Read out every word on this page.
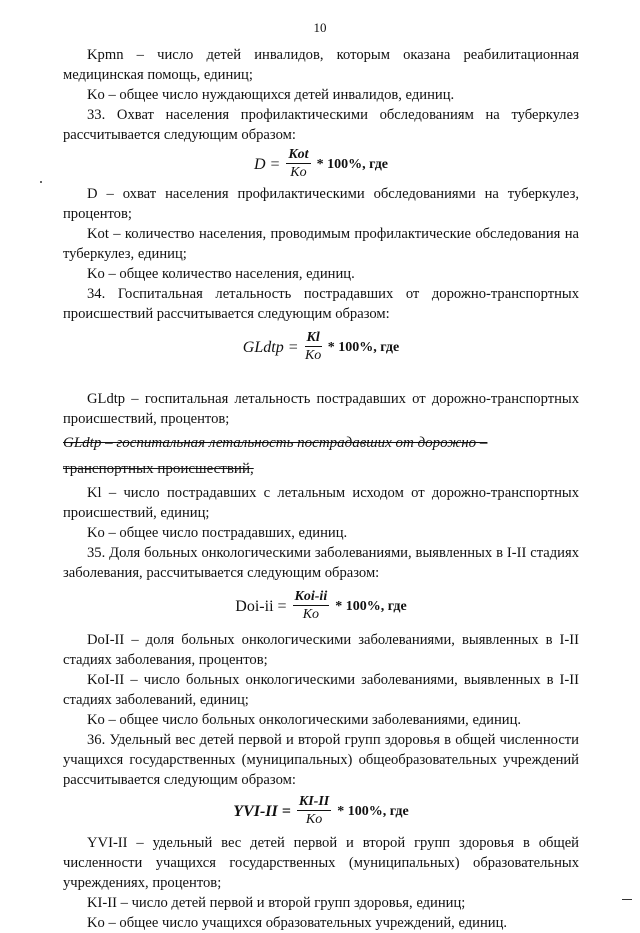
10

Kрmn – число детей инвалидов, которым оказана реабилитационная медицинская помощь, единиц;

Kо – общее число нуждающихся детей инвалидов, единиц.

33. Охват населения профилактическими обследованиям на туберкулез рассчитывается следующим образом:

$D = \frac{\text{Kоt}}{Kо} * 100\%$, где

D – охват населения профилактическими обследованиями на туберкулез, процентов;

Kot – количество населения, проводимым профилактические обследования на туберкулез, единиц;

Kо – общее количество населения, единиц.

34. Госпитальная летальность пострадавших от дорожно-транспортных происшествий рассчитывается следующим образом:

GLdtp = $\frac{Kl}{Kо} * 100\%$, где

GLdtp – госпитальная летальность пострадавших от дорожно-транспортных происшествий, процентов;

GLdtp – госпитальная летальность пострадавших от дорожно –
транспортных происшествий,

Kl – число пострадавших с летальным исходом от дорожно-транспортных происшествий, единиц;

Kо – общее число пострадавших, единиц.

35. Доля больных онкологическими заболеваниями, выявленных в I-II стадиях заболевания, рассчитывается следующим образом:

$Doi-ii = \frac{\text{Koi-ii}}{Kо} * 100\%$, где

DoI-II – доля больных онкологическими заболеваниями, выявленных в I-II стадиях заболевания, процентов;

KoI-II – число больных онкологическими заболеваниями, выявленных в I-II стадиях заболеваний, единиц;

Ko – общее число больных онкологическими заболеваниями, единиц.

36. Удельный вес детей первой и второй групп здоровья в общей численности учащихся государственных (муниципальных) общеобразовательных учреждений рассчитывается следующим образом:

$YVI-II = \frac{KI-II}{Kо} * 100\%$, где

YVI-II – удельный вес детей первой и второй групп здоровья в общей численности учащихся государственных (муниципальных) образовательных учреждениях, процентов;

KI-II – число детей первой и второй групп здоровья, единиц;

Kо – общее число учащихся образовательных учреждений, единиц.
